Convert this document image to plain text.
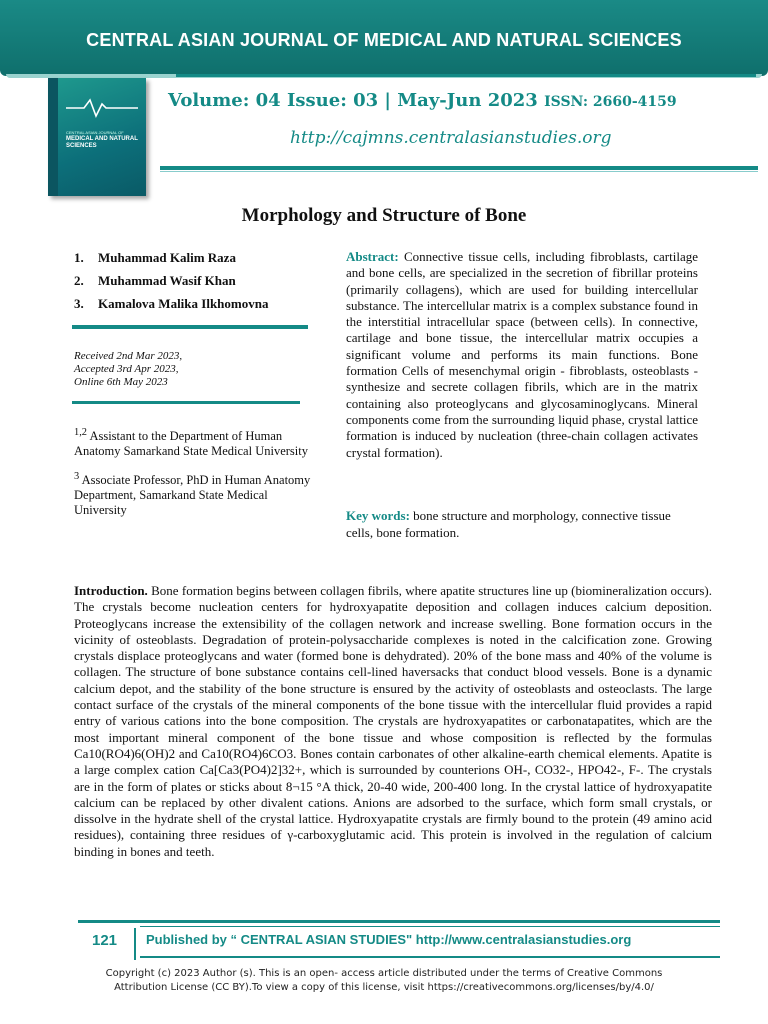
CENTRAL ASIAN JOURNAL OF MEDICAL AND NATURAL SCIENCES
CENTRAL ASIAN JOURNAL OF
MEDICAL AND NATURAL SCIENCES
Volume: 04 Issue: 03 | May-Jun 2023 ISSN: 2660-4159
http://cajmns.centralasianstudies.org
Morphology and Structure of Bone
1. Muhammad Kalim Raza
2. Muhammad Wasif Khan
3. Kamalova Malika Ilkhomovna
Received 2nd Mar 2023,
Accepted 3rd Apr 2023,
Online 6th May 2023

$^{1,2}$ Assistant to the Department of Human Anatomy Samarkand State Medical University

$^3$ Associate Professor, PhD in Human Anatomy Department, Samarkand State Medical University

Abstract: Connective tissue cells, including fibroblasts, cartilage and bone cells, are specialized in the secretion of fibrillar proteins (primarily collagens), which are used for building intercellular substance. The intercellular matrix is a complex substance found in the interstitial intracellular space (between cells). In connective, cartilage and bone tissue, the intercellular matrix occupies a significant volume and performs its main functions. Bone formation Cells of mesenchymal origin - fibroblasts, osteoblasts - synthesize and secrete collagen fibrils, which are in the matrix containing also proteoglycans and glycosaminoglycans. Mineral components come from the surrounding liquid phase, crystal lattice formation is induced by nucleation (three-chain collagen activates crystal formation).
Key words: bone structure and morphology, connective tissue cells, bone formation.
Introduction. Bone formation begins between collagen fibrils, where apatite structures line up (biomineralization occurs). The crystals become nucleation centers for hydroxyapatite deposition and collagen induces calcium deposition. Proteoglycans increase the extensibility of the collagen network and increase swelling. Bone formation occurs in the vicinity of osteoblasts. Degradation of protein-polysaccharide complexes is noted in the calcification zone. Growing crystals displace proteoglycans and water (formed bone is dehydrated). 20% of the bone mass and 40% of the volume is collagen. The structure of bone substance contains cell-lined haversacks that conduct blood vessels. Bone is a dynamic calcium depot, and the stability of the bone structure is ensured by the activity of osteoblasts and osteoclasts. The large contact surface of the crystals of the mineral components of the bone tissue with the intercellular fluid provides a rapid entry of various cations into the bone composition. The crystals are hydroxyapatites or carbonatapatites, which are the most important mineral component of the bone tissue and whose composition is reflected by the formulas Ca10(RO4)6(OH)2 and Ca10(RO4)6CO3. Bones contain carbonates of other alkaline-earth chemical elements. Apatite is a large complex cation Ca[Ca3(PO4)2]32+, which is surrounded by counterions OH-, CO32-, HPO42-, F-. The crystals are in the form of plates or sticks about 8¬15 °A thick, 20-40 wide, 200-400 long. In the crystal lattice of hydroxyapatite calcium can be replaced by other divalent cations. Anions are adsorbed to the surface, which form small crystals, or dissolve in the hydrate shell of the crystal lattice. Hydroxyapatite crystals are firmly bound to the protein (49 amino acid residues), containing three residues of γ-carboxyglutamic acid. This protein is involved in the regulation of calcium binding in bones and teeth.
121 Published by “ CENTRAL ASIAN STUDIES" http://www.centralasianstudies.org
Copyright (c) 2023 Author (s). This is an open- access article distributed under the terms of Creative Commons
Attribution License (CC BY).To view a copy of this license, visit https://creativecommons.org/licenses/by/4.0/
